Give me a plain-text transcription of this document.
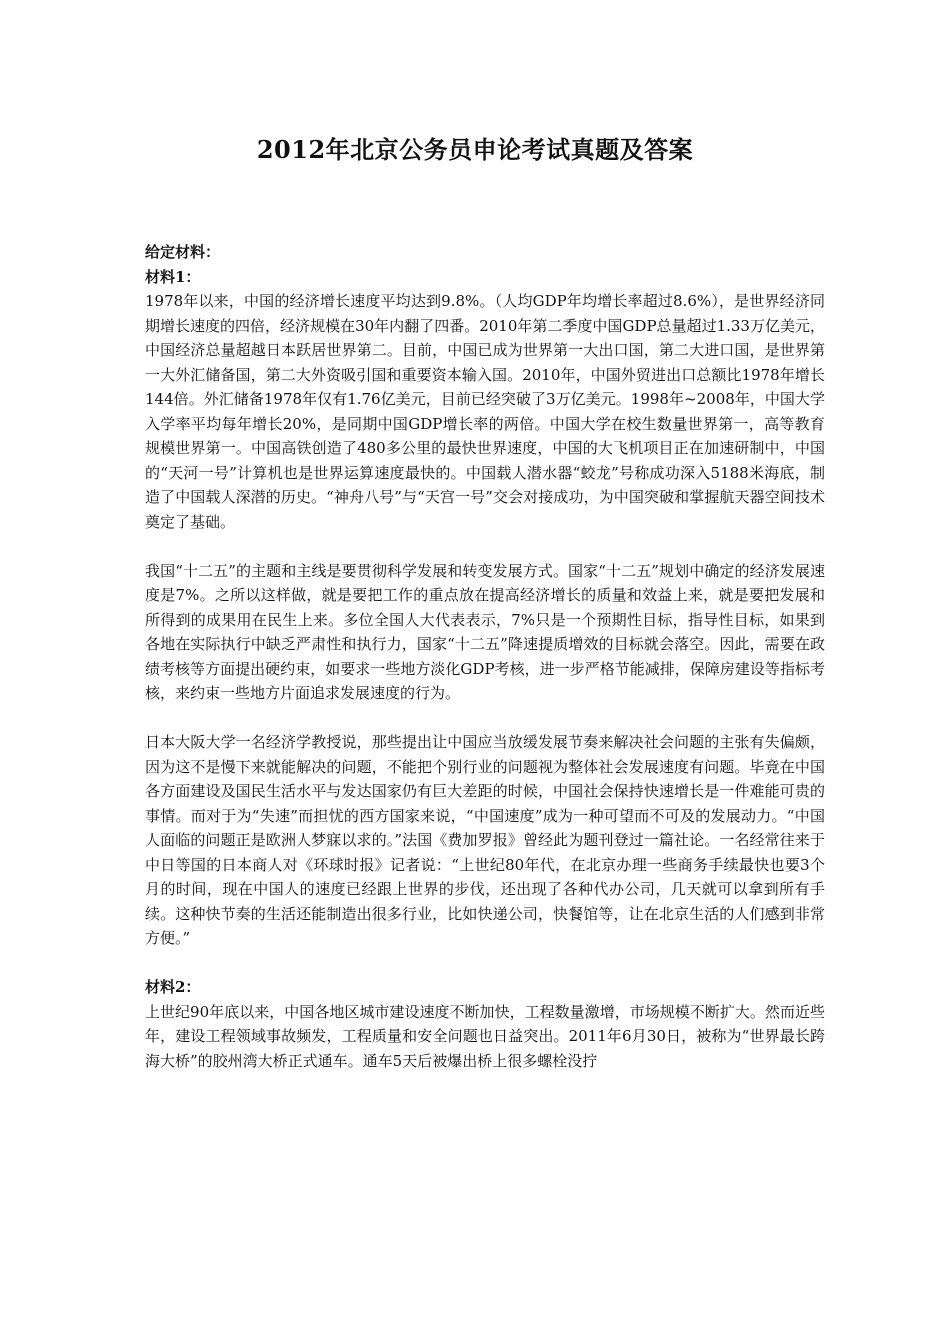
2012年北京公务员申论考试真题及答案

给定材料：

材料1：

1978年以来，中国的经济增长速度平均达到9.8%。（人均GDP年均增长率超过8.6%），是世界经济同期增长速度的四倍，经济规模在30年内翻了四番。2010年第二季度中国GDP总量超过1.33万亿美元，中国经济总量超越日本跃居世界第二。目前，中国已成为世界第一大出口国，第二大进口国，是世界第一大外汇储备国，第二大外资吸引国和重要资本输入国。2010年，中国外贸进出口总额比1978年增长144倍。外汇储备1978年仅有1.76亿美元，目前已经突破了3万亿美元。1998年~2008年，中国大学入学率平均每年增长20%，是同期中国GDP增长率的两倍。中国大学在校生数量世界第一，高等教育规模世界第一。中国高铁创造了480多公里的最快世界速度，中国的大飞机项目正在加速研制中，中国的“天河一号”计算机也是世界运算速度最快的。中国载人潜水器“蛟龙”号称成功深入5188米海底，制造了中国载人深潜的历史。“神舟八号”与“天宫一号”交会对接成功，为中国突破和掌握航天器空间技术奠定了基础。

我国“十二五”的主题和主线是要贯彻科学发展和转变发展方式。国家“十二五”规划中确定的经济发展速度是7%。之所以这样做，就是要把工作的重点放在提高经济增长的质量和效益上来，就是要把发展和所得到的成果用在民生上来。多位全国人大代表表示，7%只是一个预期性目标，指导性目标，如果到各地在实际执行中缺乏严肃性和执行力，国家“十二五”降速提质增效的目标就会落空。因此，需要在政绩考核等方面提出硬约束，如要求一些地方淡化GDP考核，进一步严格节能减排，保障房建设等指标考核，来约束一些地方片面追求发展速度的行为。

日本大阪大学一名经济学教授说，那些提出让中国应当放缓发展节奏来解决社会问题的主张有失偏颇，因为这不是慢下来就能解决的问题，不能把个别行业的问题视为整体社会发展速度有问题。毕竟在中国各方面建设及国民生活水平与发达国家仍有巨大差距的时候，中国社会保持快速增长是一件难能可贵的事情。而对于为“失速”而担忧的西方国家来说，“中国速度”成为一种可望而不可及的发展动力。“中国人面临的问题正是欧洲人梦寐以求的。”法国《费加罗报》曾经此为题刊登过一篇社论。一名经常往来于中日等国的日本商人对《环球时报》记者说：“上世纪80年代，在北京办理一些商务手续最快也要3个月的时间，现在中国人的速度已经跟上世界的步伐，还出现了各种代办公司，几天就可以拿到所有手续。这种快节奏的生活还能制造出很多行业，比如快递公司，快餐馆等，让在北京生活的人们感到非常方便。”

材料2：

上世纪90年底以来，中国各地区城市建设速度不断加快，工程数量激增，市场规模不断扩大。然而近些年，建设工程领域事故频发，工程质量和安全问题也日益突出。2011年6月30日，被称为“世界最长跨海大桥”的胶州湾大桥正式通车。通车5天后被爆出桥上很多螺栓没拧
